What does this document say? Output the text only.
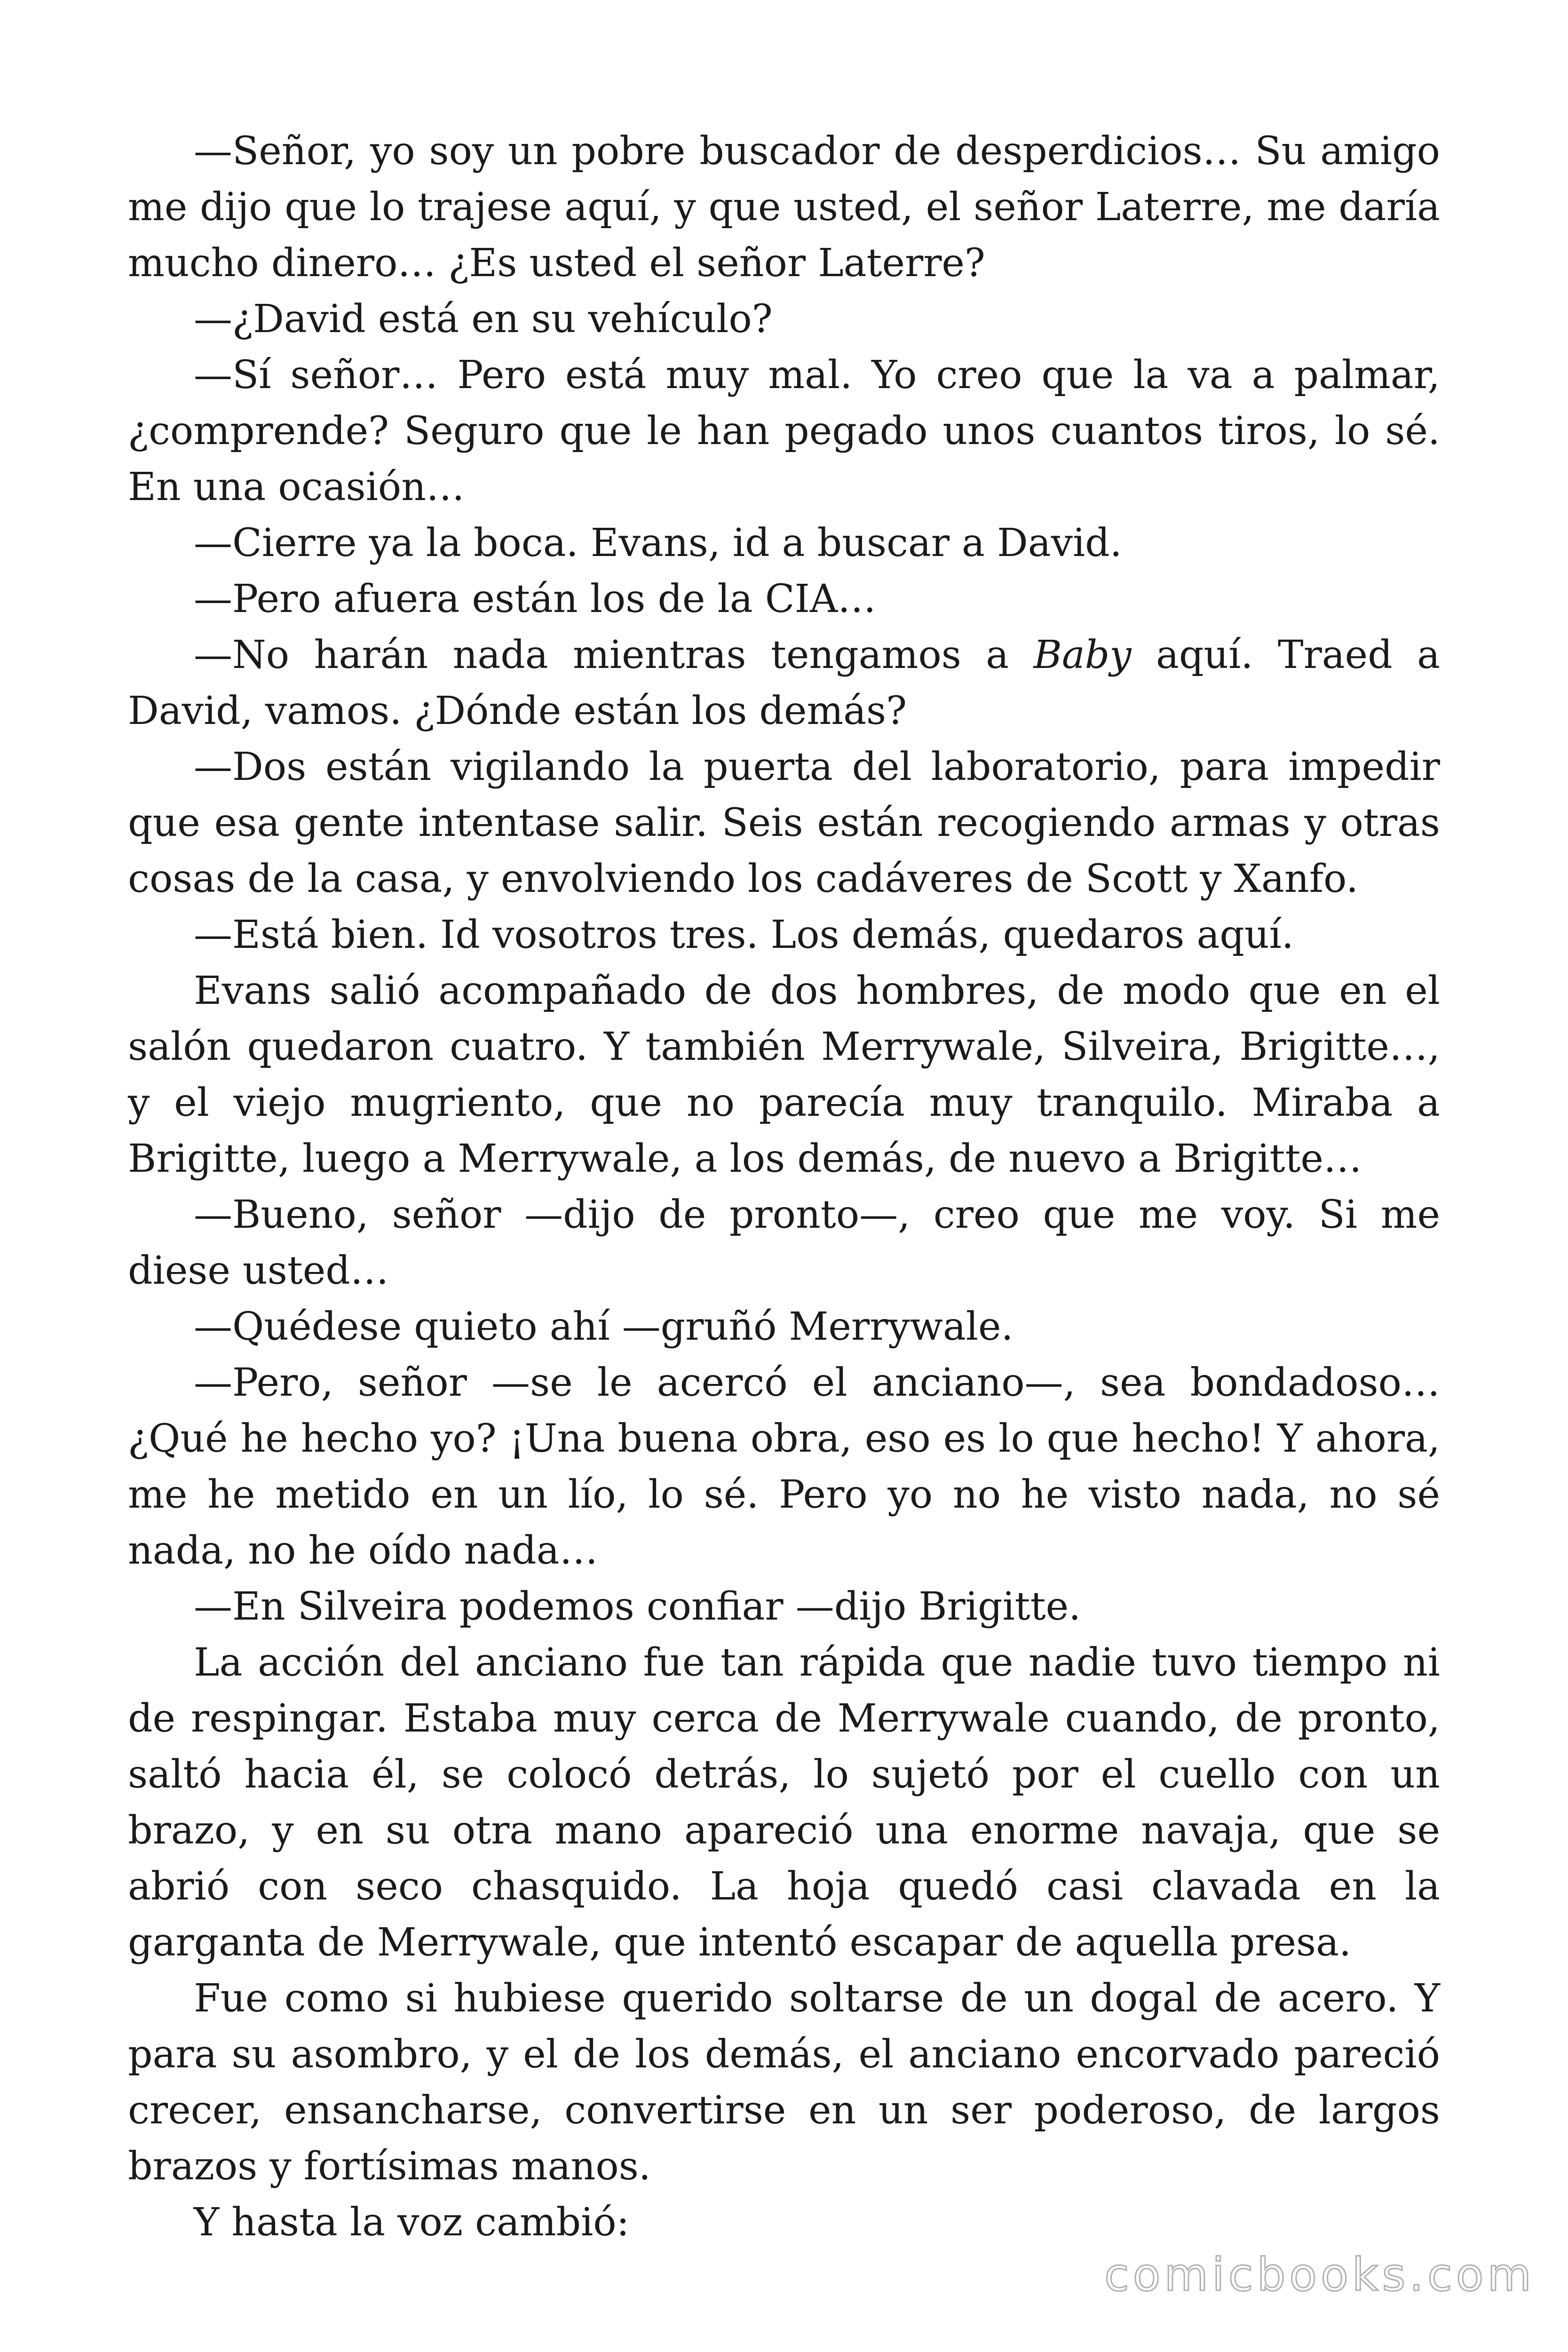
—Señor, yo soy un pobre buscador de desperdicios… Su amigo me dijo que lo trajese aquí, y que usted, el señor Laterre, me daría mucho dinero… ¿Es usted el señor Laterre?

—¿David está en su vehículo?

—Sí señor… Pero está muy mal. Yo creo que la va a palmar, ¿comprende? Seguro que le han pegado unos cuantos tiros, lo sé. En una ocasión…

—Cierre ya la boca. Evans, id a buscar a David.

—Pero afuera están los de la CIA…

—No harán nada mientras tengamos a Baby aquí. Traed a David, vamos. ¿Dónde están los demás?

—Dos están vigilando la puerta del laboratorio, para impedir que esa gente intentase salir. Seis están recogiendo armas y otras cosas de la casa, y envolviendo los cadáveres de Scott y Xanfo.

—Está bien. Id vosotros tres. Los demás, quedaros aquí.

Evans salió acompañado de dos hombres, de modo que en el salón quedaron cuatro. Y también Merrywale, Silveira, Brigitte…, y el viejo mugriento, que no parecía muy tranquilo. Miraba a Brigitte, luego a Merrywale, a los demás, de nuevo a Brigitte…

—Bueno, señor —dijo de pronto—, creo que me voy. Si me diese usted…

—Quédese quieto ahí —gruñó Merrywale.

—Pero, señor —se le acercó el anciano—, sea bondadoso… ¿Qué he hecho yo? ¡Una buena obra, eso es lo que hecho! Y ahora, me he metido en un lío, lo sé. Pero yo no he visto nada, no sé nada, no he oído nada…

—En Silveira podemos confiar —dijo Brigitte.

La acción del anciano fue tan rápida que nadie tuvo tiempo ni de respingar. Estaba muy cerca de Merrywale cuando, de pronto, saltó hacia él, se colocó detrás, lo sujetó por el cuello con un brazo, y en su otra mano apareció una enorme navaja, que se abrió con seco chasquido. La hoja quedó casi clavada en la garganta de Merrywale, que intentó escapar de aquella presa.

Fue como si hubiese querido soltarse de un dogal de acero. Y para su asombro, y el de los demás, el anciano encorvado pareció crecer, ensancharse, convertirse en un ser poderoso, de largos brazos y fortísimas manos.

Y hasta la voz cambió:

comicbooks.com
